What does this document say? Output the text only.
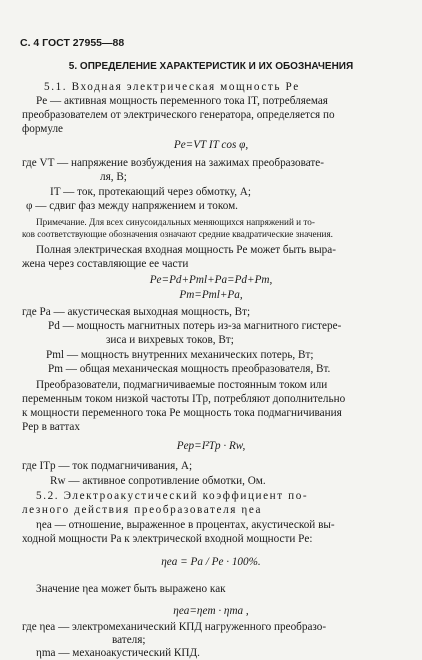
С. 4 ГОСТ 27955—88
5. ОПРЕДЕЛЕНИЕ ХАРАКТЕРИСТИК И ИХ ОБОЗНАЧЕНИЯ
5.1. Входная электрическая мощность Pe
Pe — активная мощность переменного тока IT, потребляемая
преобразователем от электрического генератора, определяется по
формуле
Pe=VT IT cos φ,
где VT — напряжение возбуждения на зажимах преобразовате-
ля, В;
IT — ток, протекающий через обмотку, А;
φ — сдвиг фаз между напряжением и током.
Примечание. Для всех синусоидальных меняющихся напряжений и то-
ков соответствующие обозначения означают средние квадратические значения.
Полная электрическая входная мощность Pe может быть выра-
жена через составляющие ее части
Pe=Pd+Pml+Pa=Pd+Pm,
Pm=Pml+Pa,
где Pa — акустическая выходная мощность, Вт;
Pd — мощность магнитных потерь из-за магнитного гистере-
зиса и вихревых токов, Вт;
Pml — мощность внутренних механических потерь, Вт;
Pm — общая механическая мощность преобразователя, Вт.
Преобразователи, подмагничиваемые постоянным током или
переменным током низкой частоты ITp, потребляют дополнительно
к мощности переменного тока Pe мощность тока подмагничивания
Pep в ваттах
Pep=I²Tp · Rw,
где ITp — ток подмагничивания, А;
Rw — активное сопротивление обмотки, Ом.
5.2. Электроакустический коэффициент по-
лезного действия преобразователя ηea
ηea — отношение, выраженное в процентах, акустической вы-
ходной мощности Pa к электрической входной мощности Pe:
ηea = Pa / Pe · 100%.
Значение ηea может быть выражено как
ηea=ηem · ηma ,
где ηea — электромеханический КПД нагруженного преобразо-
вателя;
ηma — механоакустический КПД.
